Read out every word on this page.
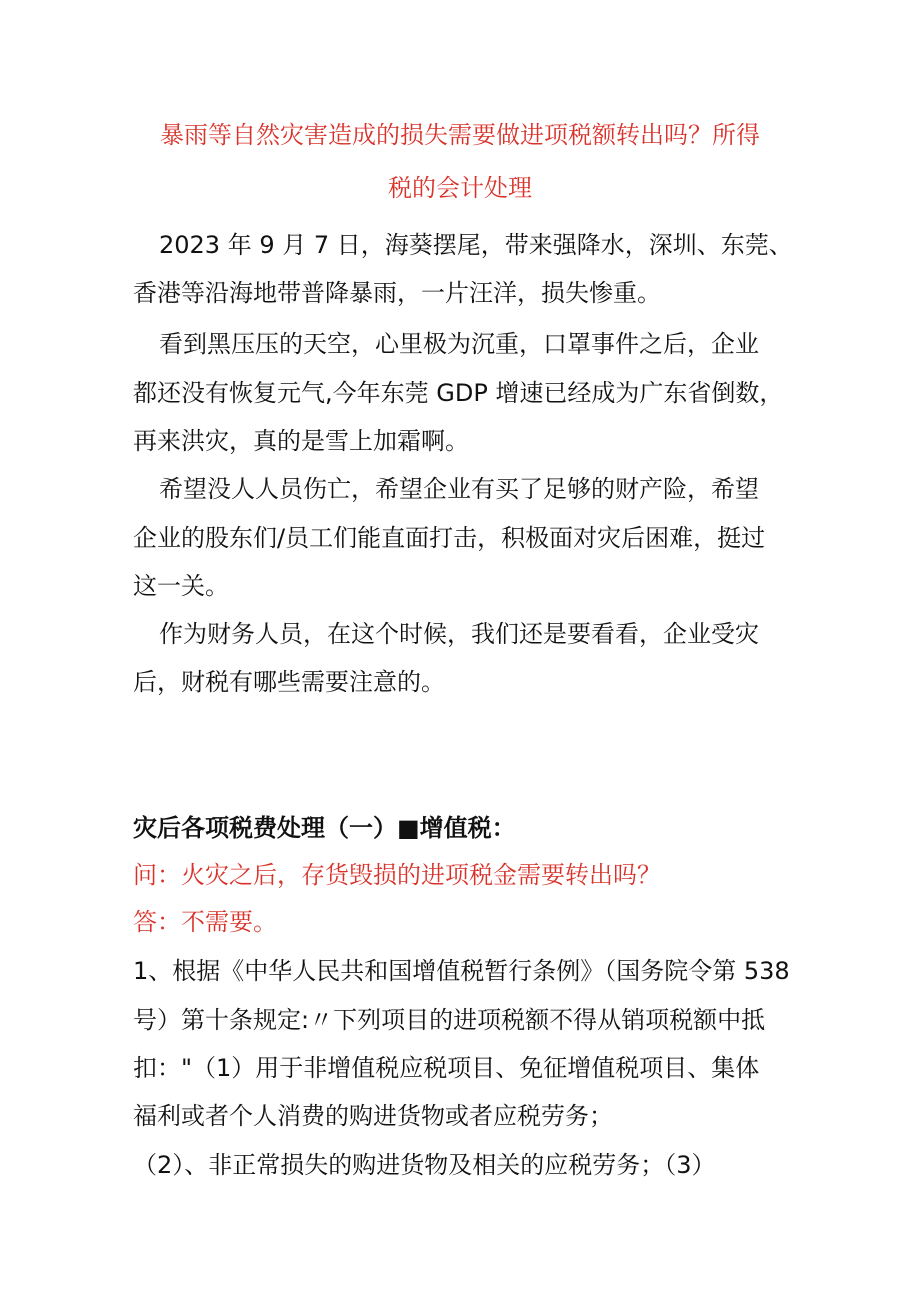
暴雨等自然灾害造成的损失需要做进项税额转出吗？所得
税的会计处理
2023 年 9 月 7 日，海葵摆尾，带来强降水，深圳、东莞、
香港等沿海地带普降暴雨，一片汪洋，损失惨重。
看到黑压压的天空，心里极为沉重，口罩事件之后，企业
都还没有恢复元气,今年东莞 GDP 增速已经成为广东省倒数，
再来洪灾，真的是雪上加霜啊。
希望没人人员伤亡，希望企业有买了足够的财产险，希望
企业的股东们/员工们能直面打击，积极面对灾后困难，挺过
这一关。
作为财务人员，在这个时候，我们还是要看看，企业受灾
后，财税有哪些需要注意的。
灾后各项税费处理（一）■增值税：
问：火灾之后，存货毁损的进项税金需要转出吗？
答：不需要。
1、根据《中华人民共和国增值税暂行条例》（国务院令第 538
号）第十条规定:〃下列项目的进项税额不得从销项税额中抵
扣："（1）用于非增值税应税项目、免征增值税项目、集体
福利或者个人消费的购进货物或者应税劳务；
（2）、非正常损失的购进货物及相关的应税劳务；（3）
